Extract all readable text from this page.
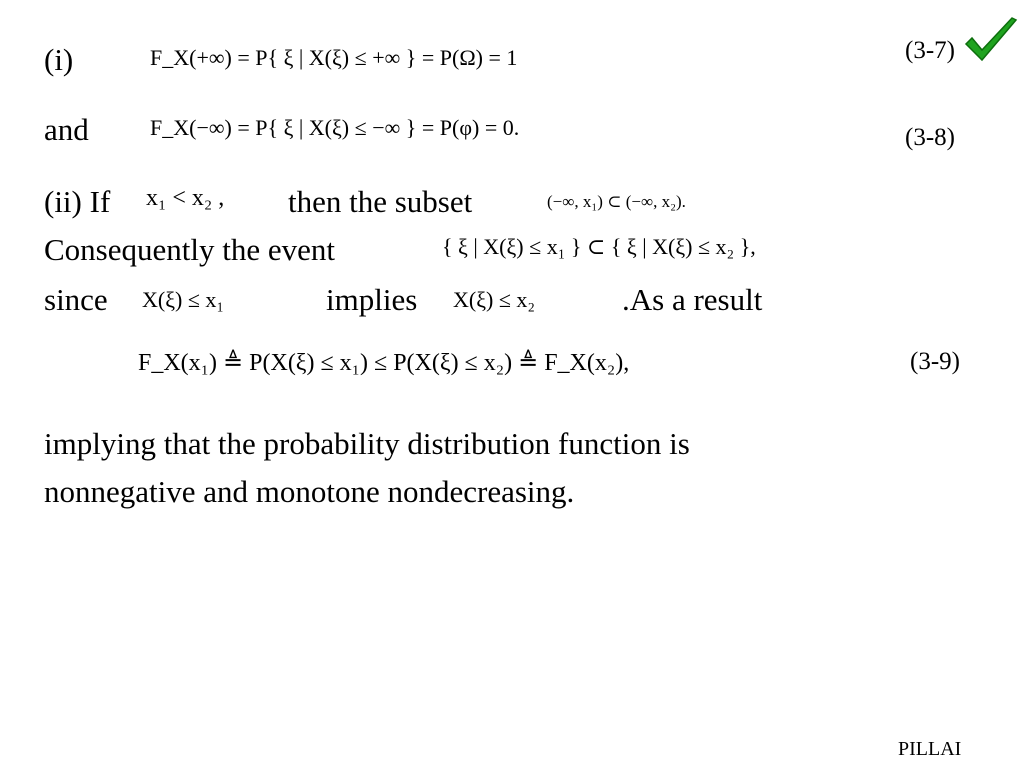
(i)	F_X(+∞) = P{ ξ | X(ξ) ≤ +∞ } = P(Ω) = 1	(3-7)
and	F_X(−∞) = P{ ξ | X(ξ) ≤ −∞ } = P(φ) = 0.	(3-8)
(ii) If x₁ < x₂ , then the subset	(−∞, x₁) ⊂ (−∞, x₂).
Consequently the event	{ ξ | X(ξ) ≤ x₁ } ⊂ { ξ | X(ξ) ≤ x₂ },
since X(ξ) ≤ x₁	implies X(ξ) ≤ x₂	.As a result
F_X(x₁) ≜ P(X(ξ) ≤ x₁) ≤ P(X(ξ) ≤ x₂) ≜ F_X(x₂),	(3-9)
implying that the probability distribution function is
nonnegative and monotone nondecreasing.
PILLAI
